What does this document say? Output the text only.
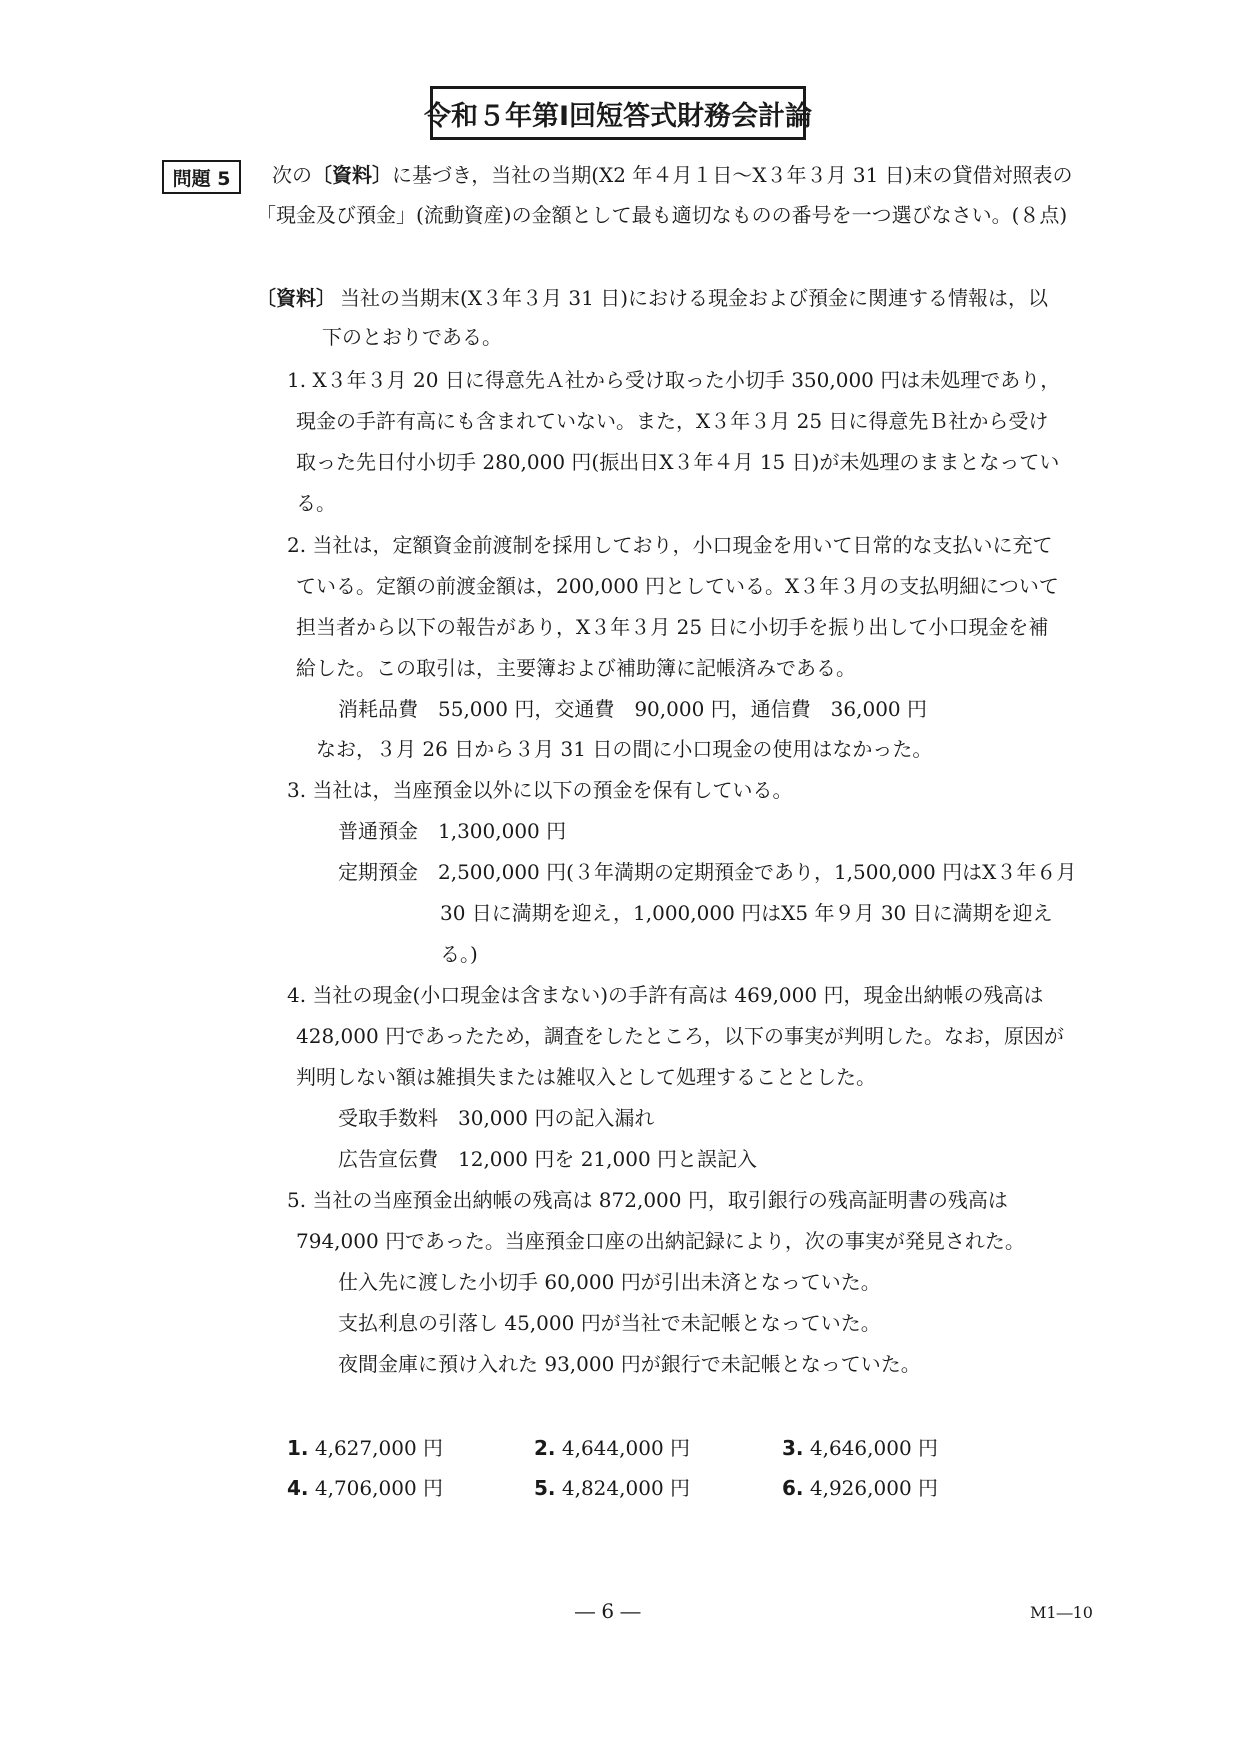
令和５年第Ⅰ回短答式財務会計論
問題 5	次の〔資料〕に基づき，当社の当期(X2 年４月１日～X３年３月 31 日)末の貸借対照表の
「現金及び預金」(流動資産)の金額として最も適切なものの番号を一つ選びなさい。(８点)
〔資料〕 当社の当期末(X３年３月 31 日)における現金および預金に関連する情報は，以
下のとおりである。
1. X３年３月 20 日に得意先Ａ社から受け取った小切手 350,000 円は未処理であり，
現金の手許有高にも含まれていない。また，X３年３月 25 日に得意先Ｂ社から受け
取った先日付小切手 280,000 円(振出日X３年４月 15 日)が未処理のままとなってい
る。
2. 当社は，定額資金前渡制を採用しており，小口現金を用いて日常的な支払いに充て
ている。定額の前渡金額は，200,000 円としている。X３年３月の支払明細について
担当者から以下の報告があり，X３年３月 25 日に小切手を振り出して小口現金を補
給した。この取引は，主要簿および補助簿に記帳済みである。
消耗品費　55,000 円，交通費　90,000 円，通信費　36,000 円
なお，３月 26 日から３月 31 日の間に小口現金の使用はなかった。
3. 当社は，当座預金以外に以下の預金を保有している。
普通預金　1,300,000 円
定期預金　2,500,000 円(３年満期の定期預金であり，1,500,000 円はX３年６月
30 日に満期を迎え，1,000,000 円はX5 年９月 30 日に満期を迎え
る。)
4. 当社の現金(小口現金は含まない)の手許有高は 469,000 円，現金出納帳の残高は
428,000 円であったため，調査をしたところ，以下の事実が判明した。なお，原因が
判明しない額は雑損失または雑収入として処理することとした。
受取手数料　30,000 円の記入漏れ
広告宣伝費　12,000 円を 21,000 円と誤記入
5. 当社の当座預金出納帳の残高は 872,000 円，取引銀行の残高証明書の残高は
794,000 円であった。当座預金口座の出納記録により，次の事実が発見された。
仕入先に渡した小切手 60,000 円が引出未済となっていた。
支払利息の引落し 45,000 円が当社で未記帳となっていた。
夜間金庫に預け入れた 93,000 円が銀行で未記帳となっていた。
1. 4,627,000 円	2. 4,644,000 円	3. 4,646,000 円
4. 4,706,000 円	5. 4,824,000 円	6. 4,926,000 円
― 6 ―	M1―10
